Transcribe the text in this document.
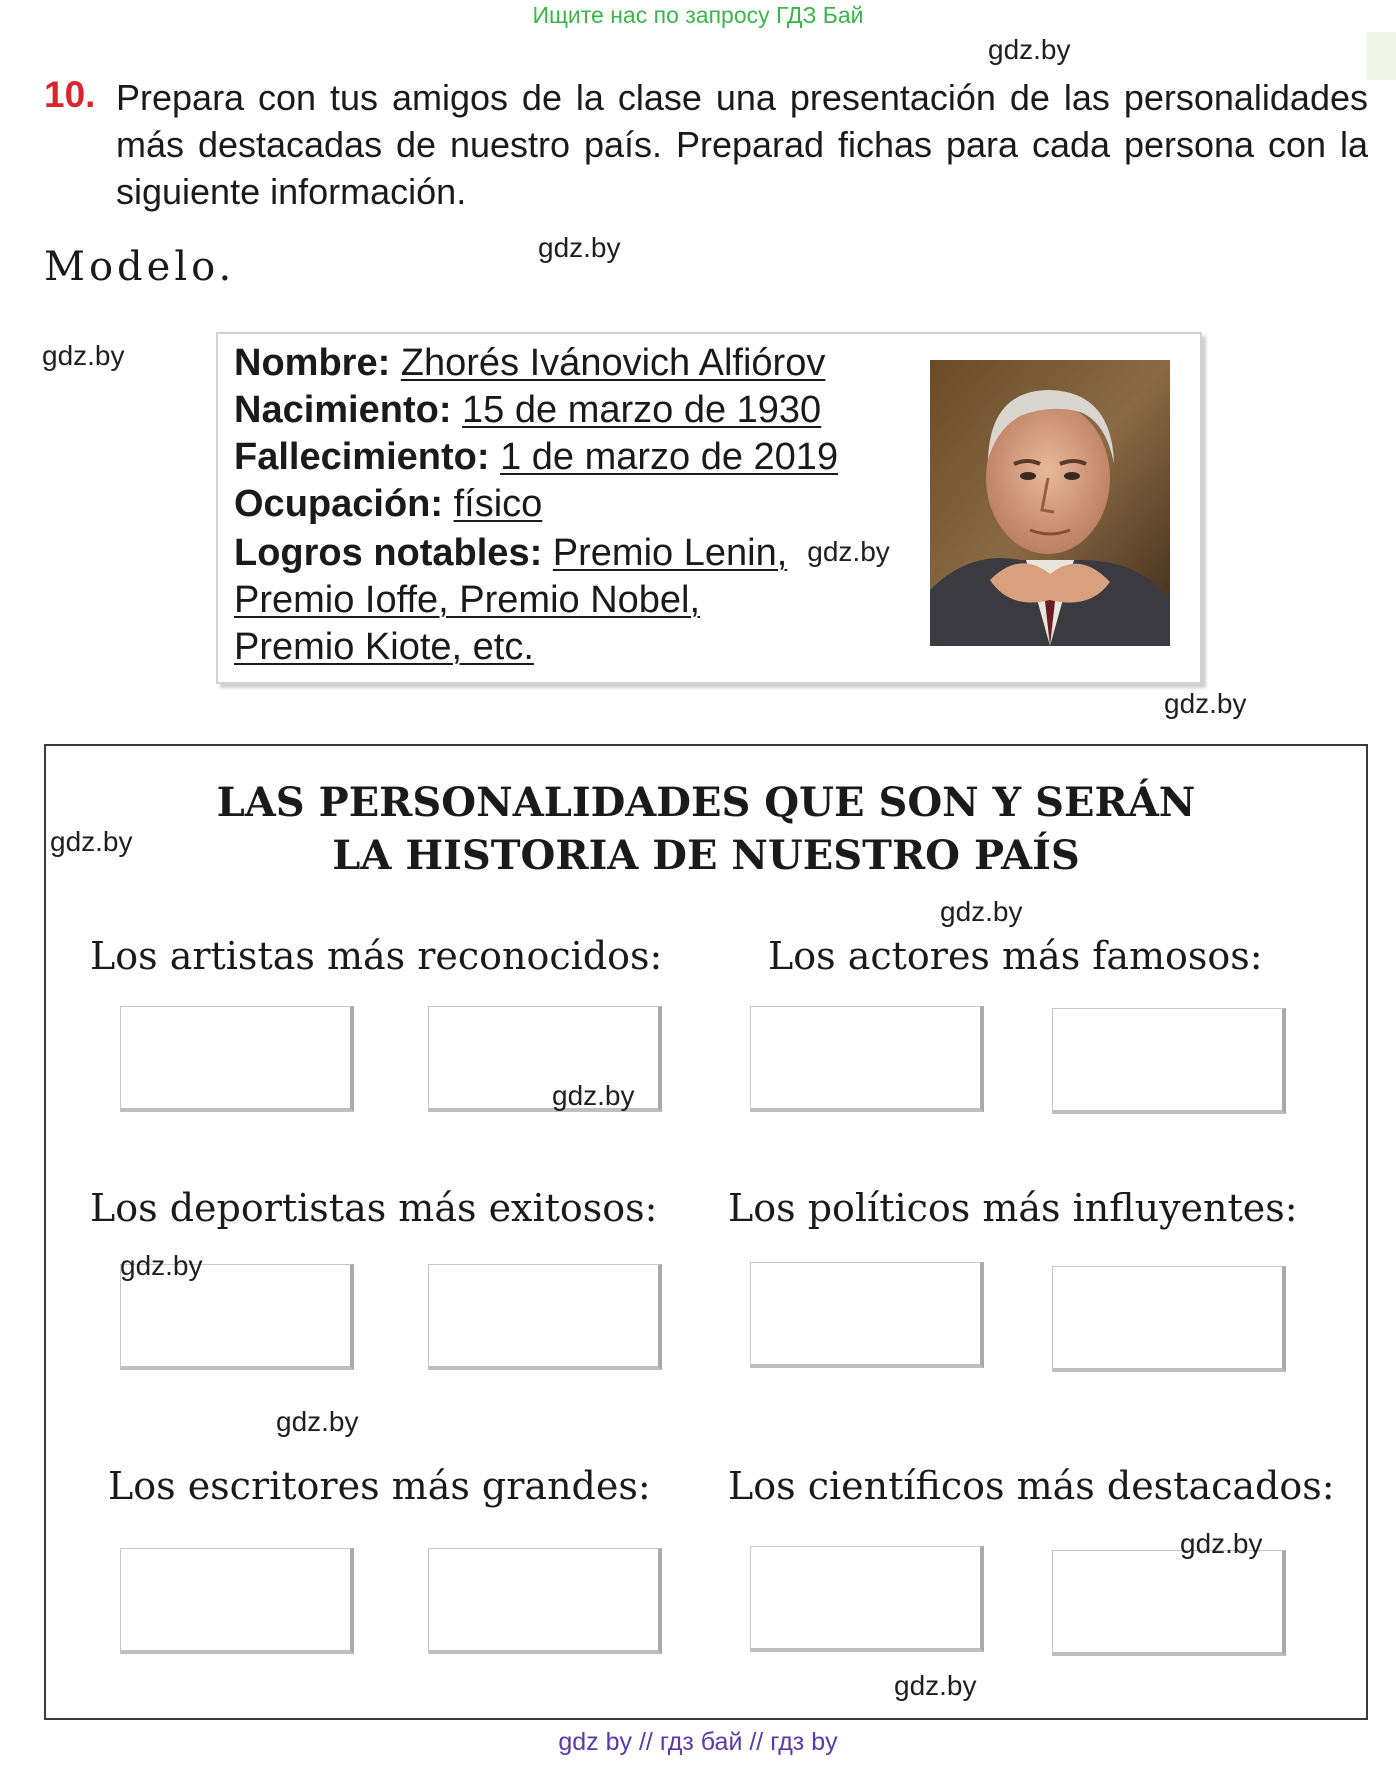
Ищите нас по запросу ГДЗ Бай
gdz.by
10. Prepara con tus amigos de la clase una presentación de las personalidades más destacadas de nuestro país. Preparad fichas para cada persona con la siguiente información.

Modelo.	gdz.by
gdz.by	Nombre: Zhorés Ivánovich Alfiórov
Nacimiento: 15 de marzo de 1930
Fallecimiento: 1 de marzo de 2019
Ocupación: físico
Logros notables: Premio Lenin, gdz.by
Premio Ioffe, Premio Nobel,
Premio Kiote, etc.
gdz.by
LAS PERSONALIDADES QUE SON Y SERÁN
LA HISTORIA DE NUESTRO PAÍS
gdz.by
gdz.by
Los artistas más reconocidos:	Los actores más famosos:
gdz.by
Los deportistas más exitosos: Los políticos más influyentes:
gdz.by
gdz.by
Los escritores más grandes: Los científicos más destacados:
gdz.by
gdz.by
gdz by // гдз бай // гдз by
